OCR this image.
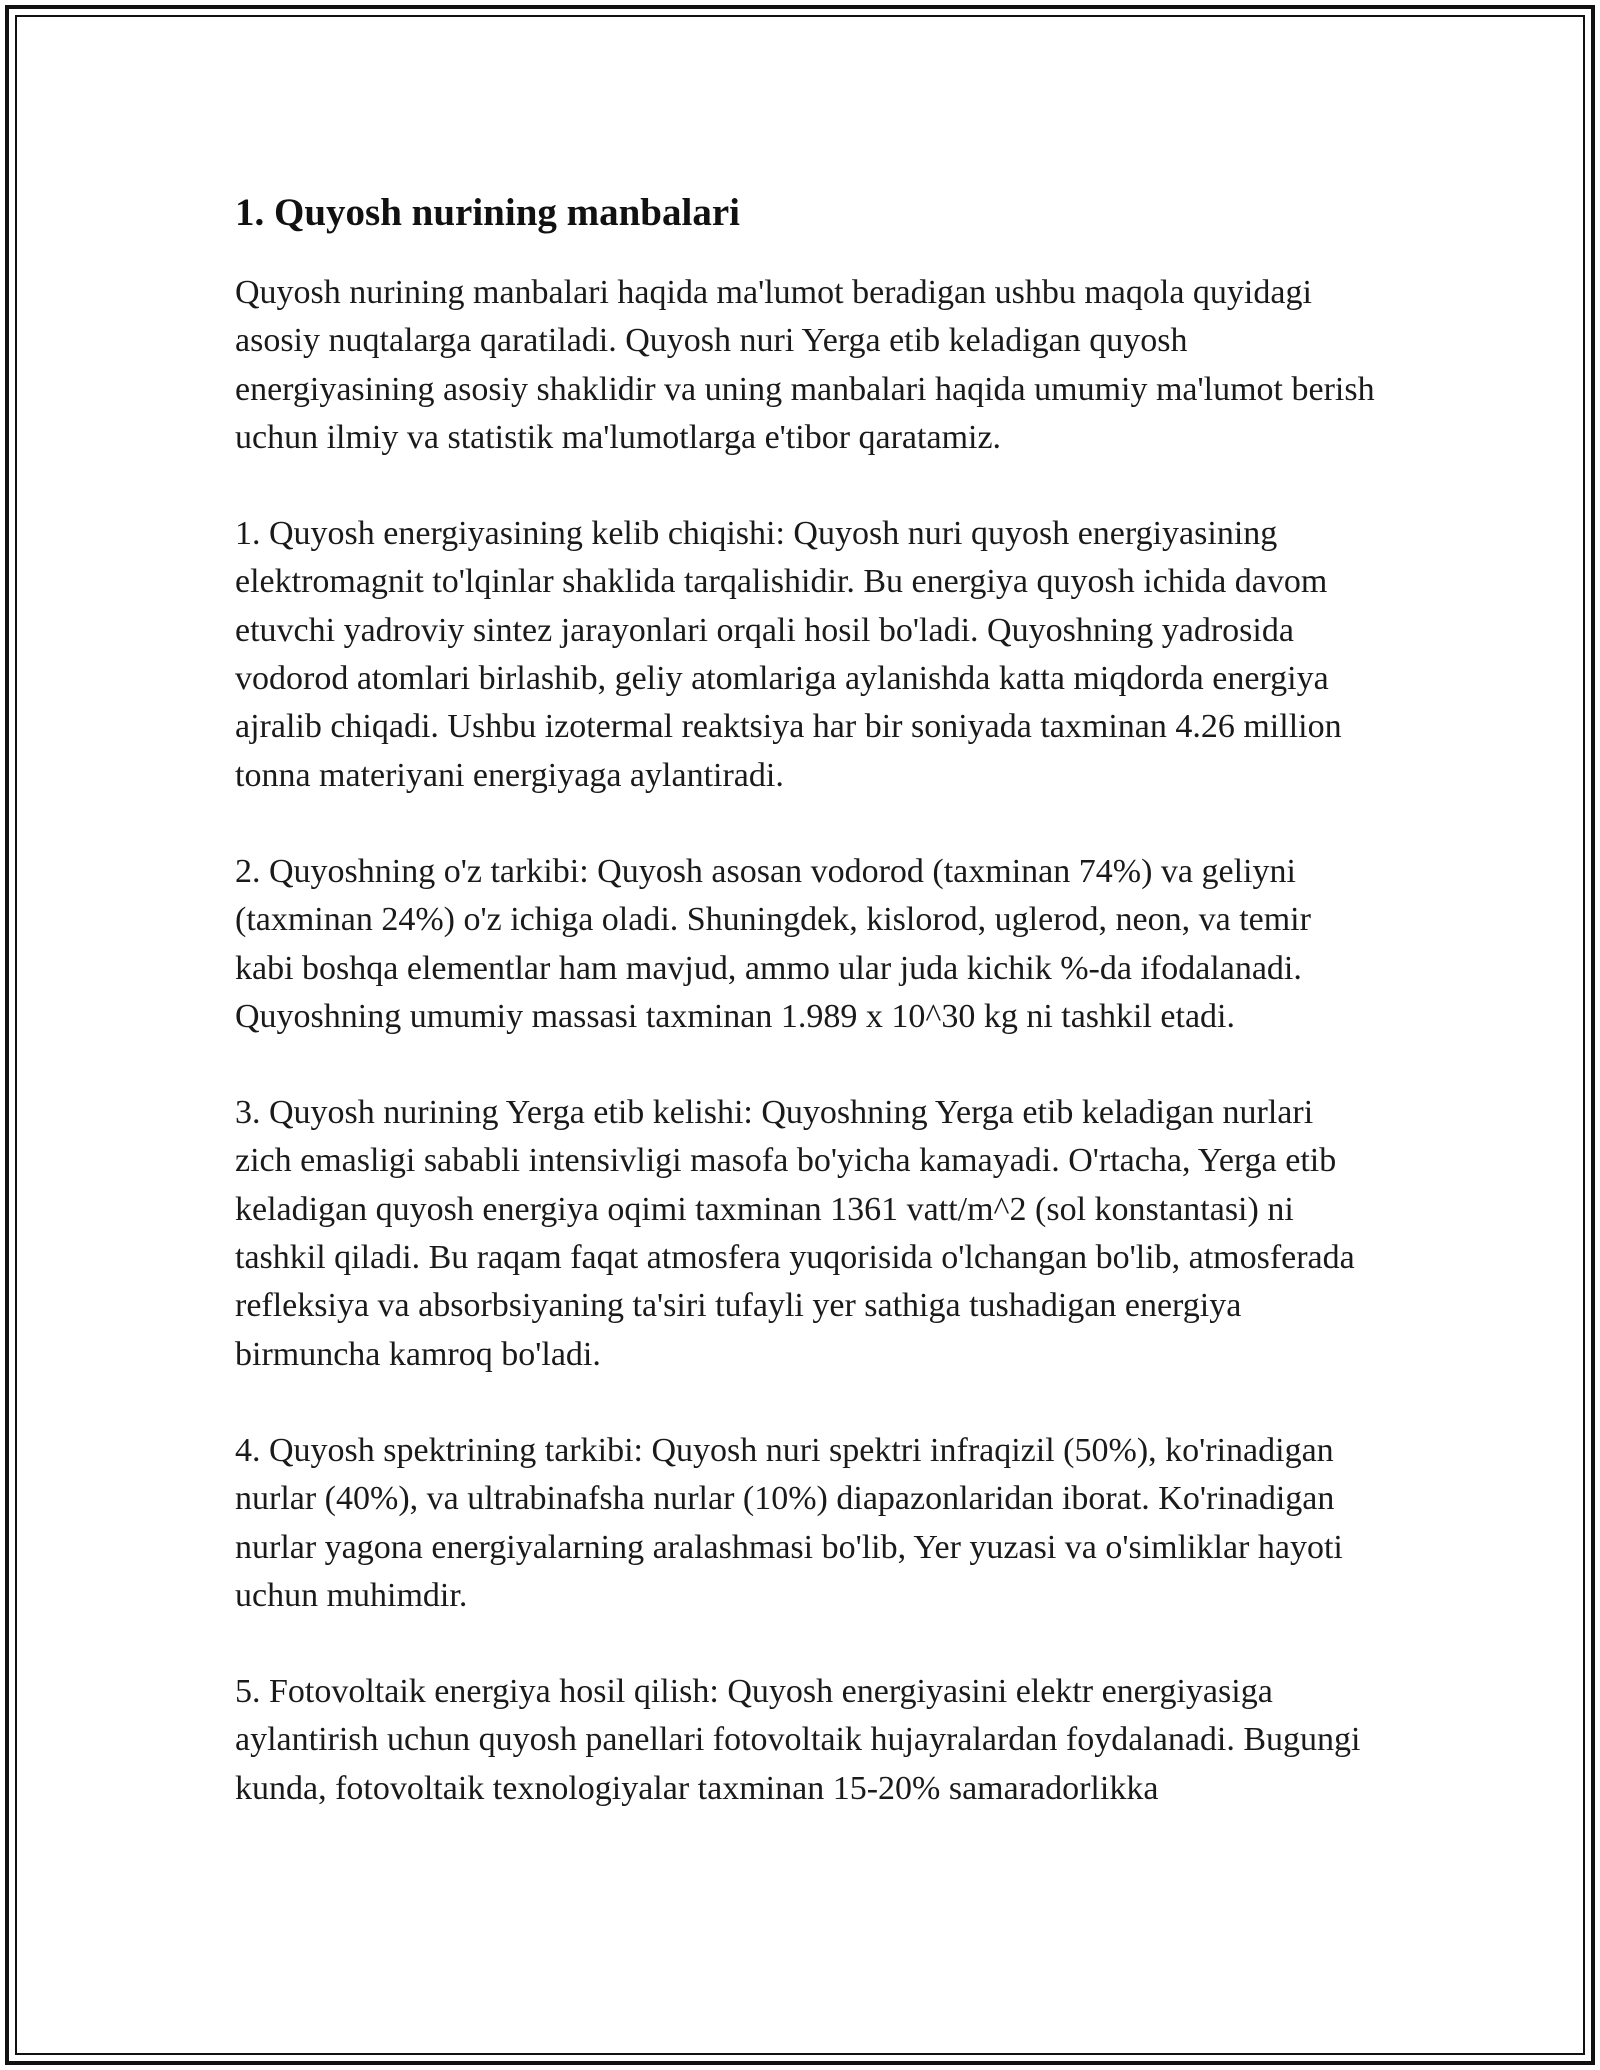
1. Quyosh nurining manbalari

Quyosh nurining manbalari haqida ma'lumot beradigan ushbu maqola quyidagi asosiy nuqtalarga qaratiladi. Quyosh nuri Yerga etib keladigan quyosh energiyasining asosiy shaklidir va uning manbalari haqida umumiy ma'lumot berish uchun ilmiy va statistik ma'lumotlarga e'tibor qaratamiz.

1. Quyosh energiyasining kelib chiqishi: Quyosh nuri quyosh energiyasining elektromagnit to'lqinlar shaklida tarqalishidir. Bu energiya quyosh ichida davom etuvchi yadroviy sintez jarayonlari orqali hosil bo'ladi. Quyoshning yadrosida vodorod atomlari birlashib, geliy atomlariga aylanishda katta miqdorda energiya ajralib chiqadi. Ushbu izotermal reaktsiya har bir soniyada taxminan 4.26 million tonna materiyani energiyaga aylantiradi.

2. Quyoshning o'z tarkibi: Quyosh asosan vodorod (taxminan 74%) va geliyni (taxminan 24%) o'z ichiga oladi. Shuningdek, kislorod, uglerod, neon, va temir kabi boshqa elementlar ham mavjud, ammo ular juda kichik %-da ifodalanadi. Quyoshning umumiy massasi taxminan 1.989 x 10^30 kg ni tashkil etadi.

3. Quyosh nurining Yerga etib kelishi: Quyoshning Yerga etib keladigan nurlari zich emasligi sababli intensivligi masofa bo'yicha kamayadi. O'rtacha, Yerga etib keladigan quyosh energiya oqimi taxminan 1361 vatt/m^2 (sol konstantasi) ni tashkil qiladi. Bu raqam faqat atmosfera yuqorisida o'lchangan bo'lib, atmosferada refleksiya va absorbsiyaning ta'siri tufayli yer sathiga tushadigan energiya birmuncha kamroq bo'ladi.

4. Quyosh spektrining tarkibi: Quyosh nuri spektri infraqizil (50%), ko'rinadigan nurlar (40%), va ultrabinafsha nurlar (10%) diapazonlaridan iborat. Ko'rinadigan nurlar yagona energiyalarning aralashmasi bo'lib, Yer yuzasi va o'simliklar hayoti uchun muhimdir.

5. Fotovoltaik energiya hosil qilish: Quyosh energiyasini elektr energiyasiga aylantirish uchun quyosh panellari fotovoltaik hujayralardan foydalanadi. Bugungi kunda, fotovoltaik texnologiyalar taxminan 15-20% samaradorlikka
